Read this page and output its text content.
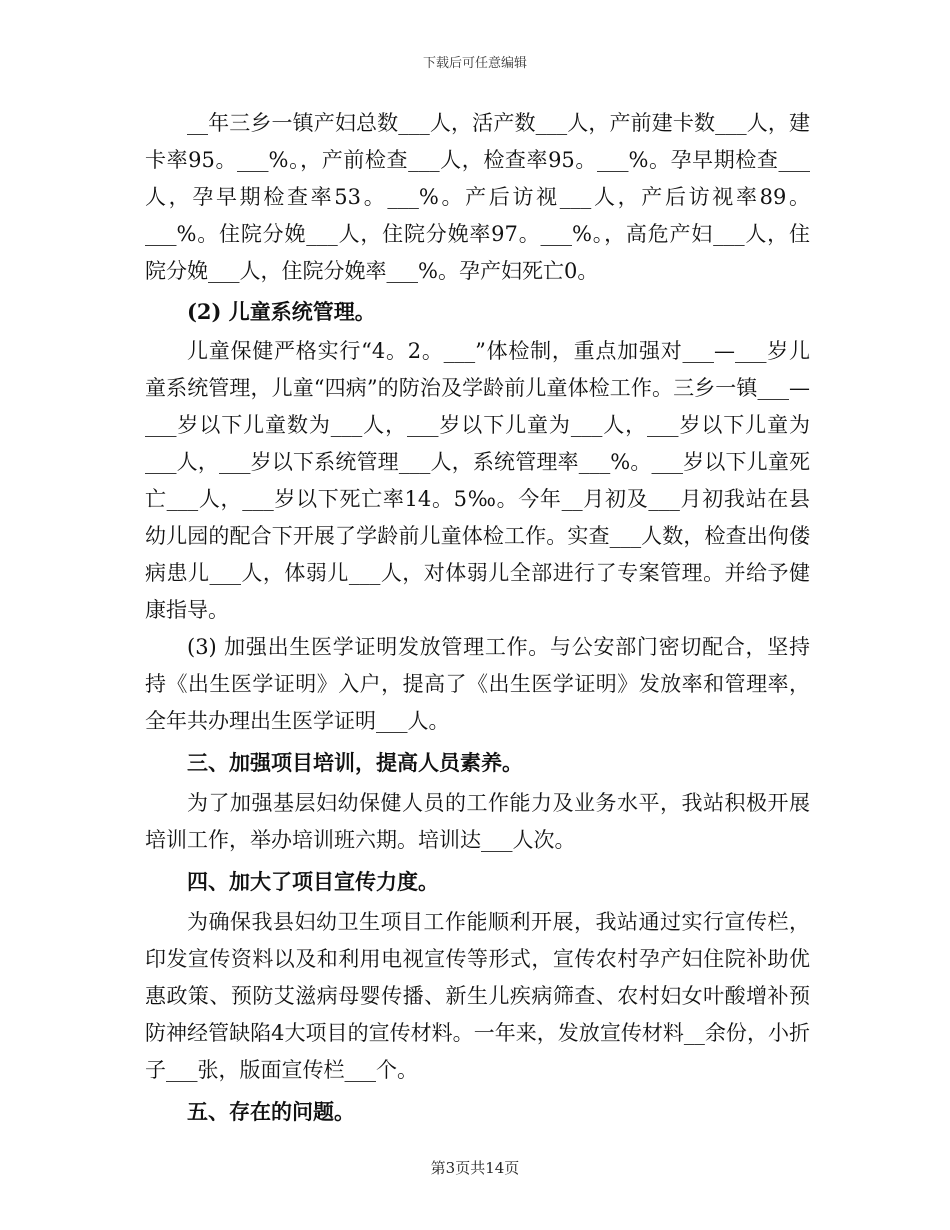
下载后可任意编辑

__年三乡一镇产妇总数___人，活产数___人，产前建卡数___人，建卡率95。___%。，产前检查___人，检查率95。___%。孕早期检查___人，孕早期检查率53。___%。产后访视___人，产后访视率89。___%。住院分娩___人，住院分娩率97。___%。，高危产妇___人，住院分娩___人，住院分娩率___%。孕产妇死亡0。

(2) 儿童系统管理。

儿童保健严格实行“4。2。___”体检制，重点加强对___—___岁儿童系统管理，儿童“四病”的防治及学龄前儿童体检工作。三乡一镇___—___岁以下儿童数为___人，___岁以下儿童为___人，___岁以下儿童为___人，___岁以下系统管理___人，系统管理率___%。___岁以下儿童死亡___人，___岁以下死亡率14。5‰。今年__月初及___月初我站在县幼儿园的配合下开展了学龄前儿童体检工作。实查___人数，检查出佝偻病患儿___人，体弱儿___人，对体弱儿全部进行了专案管理。并给予健康指导。

(3) 加强出生医学证明发放管理工作。与公安部门密切配合，坚持持《出生医学证明》入户，提高了《出生医学证明》发放率和管理率，全年共办理出生医学证明___人。

三、加强项目培训，提高人员素养。

为了加强基层妇幼保健人员的工作能力及业务水平，我站积极开展培训工作，举办培训班六期。培训达___人次。

四、加大了项目宣传力度。

为确保我县妇幼卫生项目工作能顺利开展，我站通过实行宣传栏，印发宣传资料以及和利用电视宣传等形式，宣传农村孕产妇住院补助优惠政策、预防艾滋病母婴传播、新生儿疾病筛查、农村妇女叶酸增补预防神经管缺陷4大项目的宣传材料。一年来，发放宣传材料__余份，小折子___张，版面宣传栏___个。

五、存在的问题。

第3页共14页
